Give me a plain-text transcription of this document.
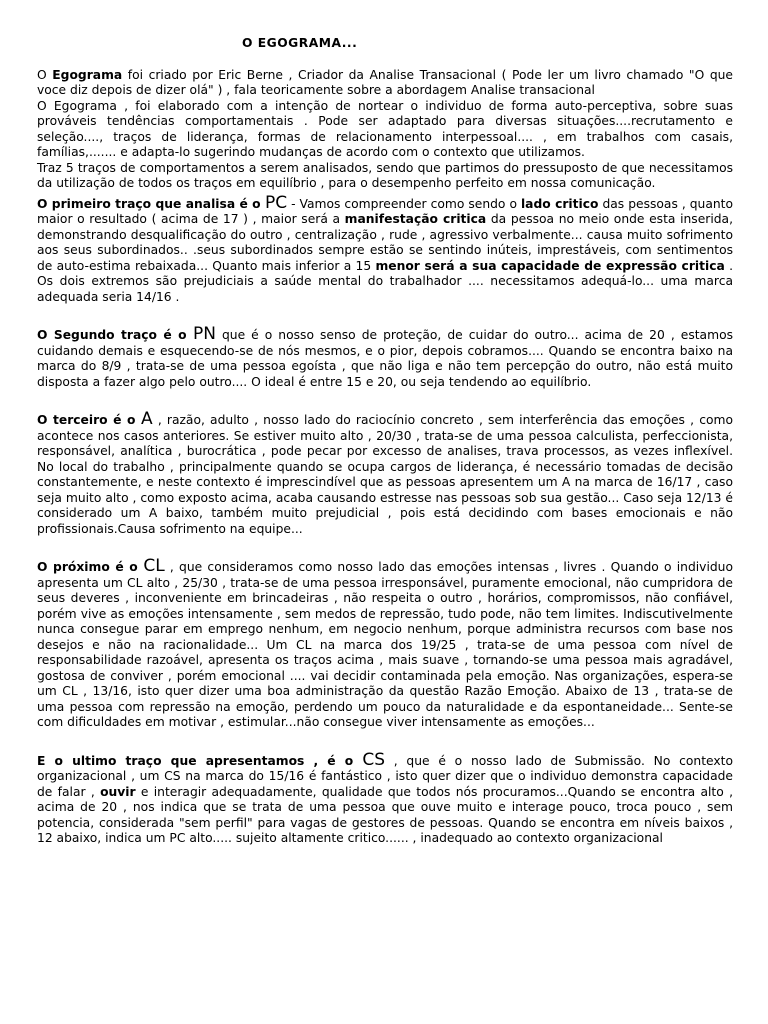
O EGOGRAMA...

O Egograma foi criado por Eric Berne , Criador da Analise Transacional ( Pode ler um livro chamado "O que voce diz depois de dizer olá" ) , fala teoricamente sobre a abordagem Analise transacional

O Egograma , foi elaborado com a intenção de nortear o individuo de forma auto-perceptiva, sobre suas prováveis tendências comportamentais . Pode ser adaptado para diversas situações....recrutamento e seleção...., traços de liderança, formas de relacionamento interpessoal.... , em trabalhos com casais, famílias,....... e adapta-lo sugerindo mudanças de acordo com o contexto que utilizamos.

Traz 5 traços de comportamentos a serem analisados, sendo que partimos do pressuposto de que necessitamos da utilização de todos os traços em equilíbrio , para o desempenho perfeito em nossa comunicação.

O primeiro traço que analisa é o PC - Vamos compreender como sendo o lado critico das pessoas , quanto maior o resultado ( acima de 17 ) , maior será a manifestação critica da pessoa no meio onde esta inserida, demonstrando desqualificação do outro , centralização , rude , agressivo verbalmente... causa muito sofrimento aos seus subordinados.. .seus subordinados sempre estão se sentindo inúteis, imprestáveis, com sentimentos de auto-estima rebaixada... Quanto mais inferior a 15 menor será a sua capacidade de expressão critica . Os dois extremos são prejudiciais a saúde mental do trabalhador .... necessitamos adequá-lo... uma marca adequada seria 14/16 .

O Segundo traço é o PN que é o nosso senso de proteção, de cuidar do outro... acima de 20 , estamos cuidando demais e esquecendo-se de nós mesmos, e o pior, depois cobramos.... Quando se encontra baixo na marca do 8/9 , trata-se de uma pessoa egoísta , que não liga e não tem percepção do outro, não está muito disposta a fazer algo pelo outro.... O ideal é entre 15 e 20, ou seja tendendo ao equilíbrio.

O terceiro é o A , razão, adulto , nosso lado do raciocínio concreto , sem interferência das emoções , como acontece nos casos anteriores. Se estiver muito alto , 20/30 , trata-se de uma pessoa calculista, perfeccionista, responsável, analítica , burocrática , pode pecar por excesso de analises, trava processos, as vezes inflexível. No local do trabalho , principalmente quando se ocupa cargos de liderança, é necessário tomadas de decisão constantemente, e neste contexto é imprescindível que as pessoas apresentem um A na marca de 16/17 , caso seja muito alto , como exposto acima, acaba causando estresse nas pessoas sob sua gestão... Caso seja 12/13 é considerado um A baixo, também muito prejudicial , pois está decidindo com bases emocionais e não profissionais.Causa sofrimento na equipe...

O próximo é o CL , que consideramos como nosso lado das emoções intensas , livres . Quando o individuo apresenta um CL alto , 25/30 , trata-se de uma pessoa irresponsável, puramente emocional, não cumpridora de seus deveres , inconveniente em brincadeiras , não respeita o outro , horários, compromissos, não confiável, porém vive as emoções intensamente , sem medos de repressão, tudo pode, não tem limites. Indiscutivelmente nunca consegue parar em emprego nenhum, em negocio nenhum, porque administra recursos com base nos desejos e não na racionalidade... Um CL na marca dos 19/25 , trata-se de uma pessoa com nível de responsabilidade razoável, apresenta os traços acima , mais suave , tornando-se uma pessoa mais agradável, gostosa de conviver , porém emocional .... vai decidir contaminada pela emoção. Nas organizações, espera-se um CL , 13/16, isto quer dizer uma boa administração da questão Razão Emoção. Abaixo de 13 , trata-se de uma pessoa com repressão na emoção, perdendo um pouco da naturalidade e da espontaneidade... Sente-se com dificuldades em motivar , estimular...não consegue viver intensamente as emoções...

E o ultimo traço que apresentamos , é o CS , que é o nosso lado de Submissão. No contexto organizacional , um CS na marca do 15/16 é fantástico , isto quer dizer que o individuo demonstra capacidade de falar , ouvir e interagir adequadamente, qualidade que todos nós procuramos...Quando se encontra alto , acima de 20 , nos indica que se trata de uma pessoa que ouve muito e interage pouco, troca pouco , sem potencia, considerada "sem perfil" para vagas de gestores de pessoas. Quando se encontra em níveis baixos , 12 abaixo, indica um PC alto..... sujeito altamente critico...... , inadequado ao contexto organizacional
